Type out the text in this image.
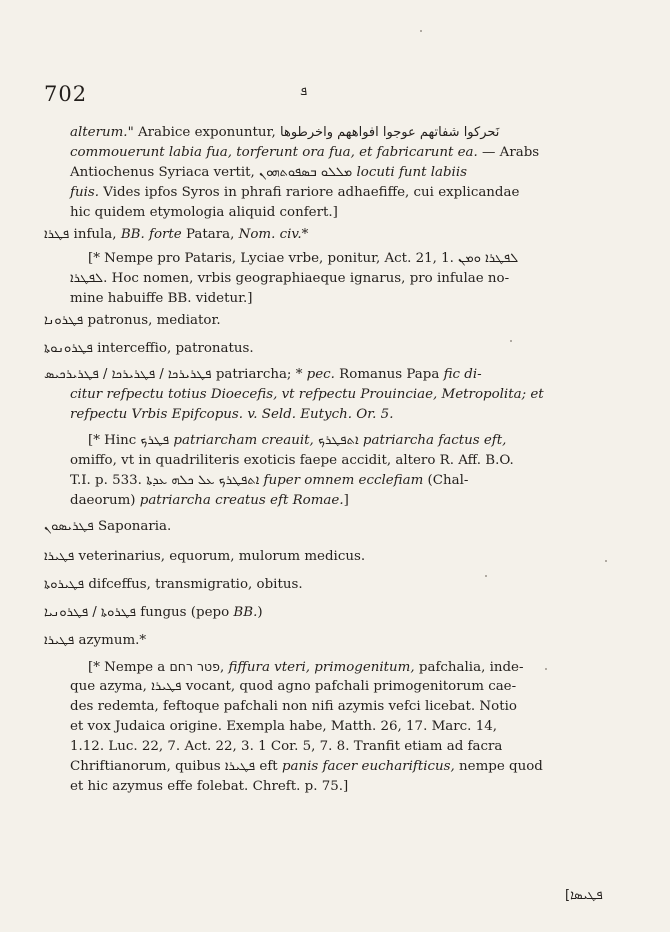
702	ܦ
alterum." Arabice exponuntur, نَحركوا شفاتهم عوجوا افواههم واخرطوها
commouerunt labia fua, torferunt ora fua, et fabricarunt ea. — Arabs
Antiochenus Syriaca vertit, ܡܠܠܘ ܒܣܦܘܬܗܘܢ locuti funt labiis
fuis. Vides ipfos Syros in phrafi rariore adhaefiffe, cui explicandae
hic quidem etymologia aliquid confert.]
ܦܛܪܐ infula, BB. forte Patara, Nom. civ.*
[* Nempe pro Pataris, Lyciae vrbe, ponitur, Act. 21, 1. ܠܦܛܪܐ ܘܡܢ
ܠܦܛܪܐ. Hoc nomen, vrbis geographiaeque ignarus, pro infulae no-
mine habuiffe BB. videtur.]
ܦܛܪܘܢܐ patronus, mediator.
ܦܛܪܘܢܘܬܐ interceffio, patronatus.
ܦܛܪܝܪܟܐ / ܦܛܪܝܪܟܐ / ܦܛܪܝܪܟܝܣ patriarcha; * pec. Romanus Papa fic di-
citur refpectu totius Dioecefis, vt refpectu Prouinciae, Metropolita; et
refpectu Vrbis Epifcopus. v. Seld. Eutych. Or. 5.
[* Hinc ܦܛܪܟ patriarcham creauit, ܐܬܦܛܪܟ patriarcha factus eft,
omiffo, vt in quadriliteris exoticis faepe accidit, altero R. Aff. B.O.
T.I. p. 533. ܐܬܦܛܪܟ ܥܠ ܟܠܗ ܥܕܬܐ fuper omnem ecclefiam (Chal-
daeorum) patriarcha creatus eft Romae.]
ܦܛܪܝܣܘܢ Saponaria.
ܦܛܝܪܐ veterinarius, equorum, mulorum medicus.
ܦܛܝܪܘܬܐ difceffus, transmigratio, obitus.
ܦܛܪܘܬܐ / ܦܛܪܘܢܝܐ fungus (pepo BB.)
ܦܛܝܪܐ azymum.*
[* Nempe a פטר רחם, fiffura vteri, primogenitum, pafchalia, inde-
que azyma, ܦܛܝܪܐ vocant, quod agno pafchali primogenitorum cae-
des redemta, feftoque pafchali non nifi azymis vefci licebat. Notio
et vox Judaica origine. Exempla habe, Matth. 26, 17. Marc. 14,
1.12. Luc. 22, 7. Act. 22, 3. 1 Cor. 5, 7. 8. Tranfit etiam ad facra
Chriftianorum, quibus ܦܛܝܪܐ eft panis facer eucharifticus, nempe quod
et hic azymus effe folebat. Chreft. p. 75.]
[ܦܛܝܣܐ
